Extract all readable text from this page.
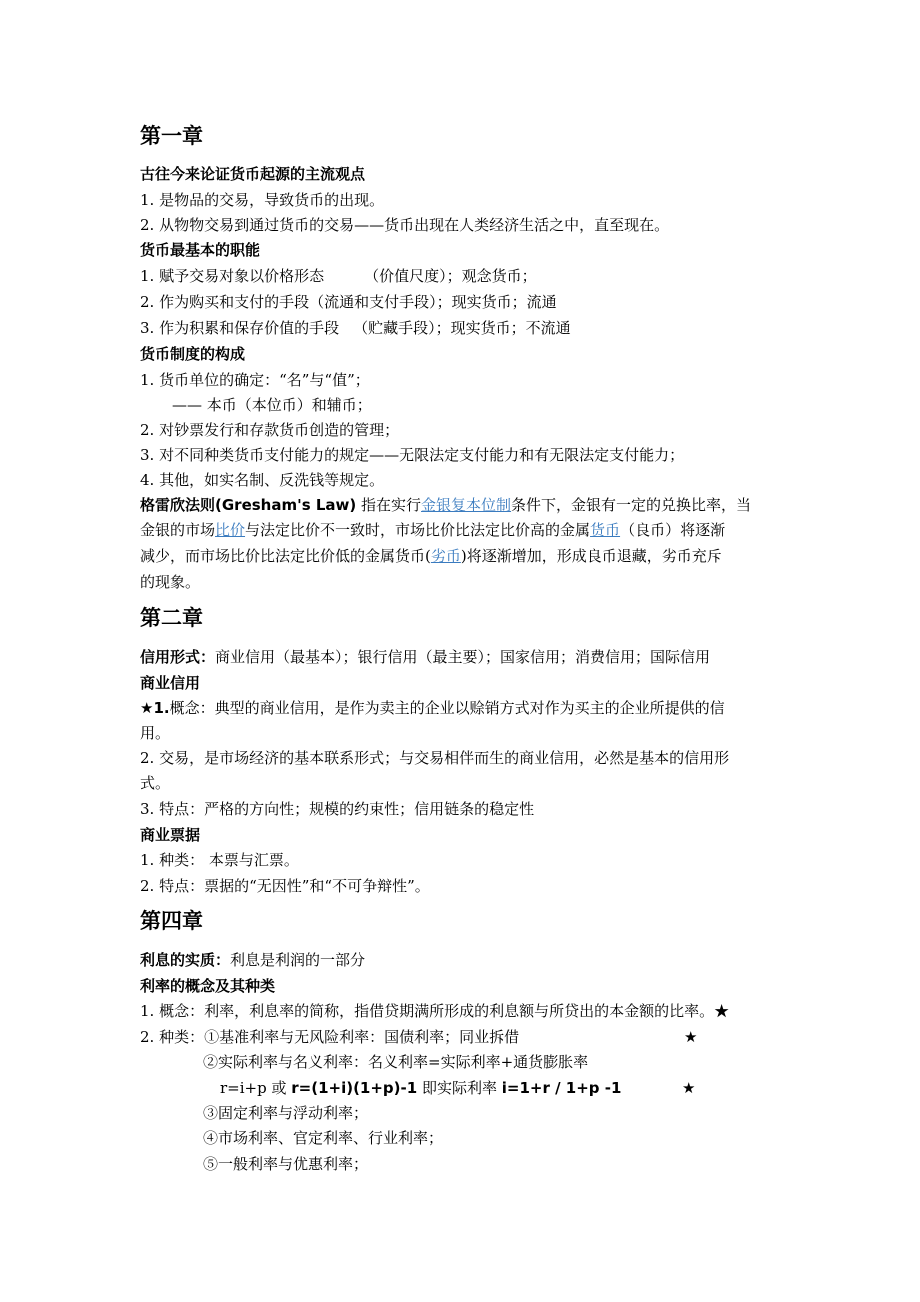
第一章
古往今来论证货币起源的主流观点
1. 是物品的交易，导致货币的出现。
2. 从物物交易到通过货币的交易——货币出现在人类经济生活之中，直至现在。
货币最基本的职能
1. 赋予交易对象以价格形态	（价值尺度）；观念货币；
2. 作为购买和支付的手段（流通和支付手段）；现实货币；流通
3. 作为积累和保存价值的手段 （贮藏手段）；现实货币；不流通
货币制度的构成
1. 货币单位的确定：“名”与“值”；
—— 本币（本位币）和辅币；
2. 对钞票发行和存款货币创造的管理；
3. 对不同种类货币支付能力的规定——无限法定支付能力和有无限法定支付能力；
4. 其他，如实名制、反洗钱等规定。
格雷欣法则(Gresham's Law) 指在实行金银复本位制条件下，金银有一定的兑换比率，当
金银的市场比价与法定比价不一致时，市场比价比法定比价高的金属货币（良币）将逐渐
减少，而市场比价比法定比价低的金属货币(劣币)将逐渐增加，形成良币退藏，劣币充斥
的现象。
第二章
信用形式：商业信用（最基本）；银行信用（最主要）；国家信用；消费信用；国际信用
商业信用
★1.概念：典型的商业信用，是作为卖主的企业以赊销方式对作为买主的企业所提供的信
用。
2. 交易，是市场经济的基本联系形式；与交易相伴而生的商业信用，必然是基本的信用形
式。
3. 特点：严格的方向性；规模的约束性；信用链条的稳定性
商业票据
1. 种类： 本票与汇票。
2. 特点：票据的“无因性”和“不可争辩性”。
第四章
利息的实质：利息是利润的一部分
利率的概念及其种类
1. 概念：利率，利息率的简称，指借贷期满所形成的利息额与所贷出的本金额的比率。★
2. 种类：①基准利率与无风险利率：国债利率；同业拆借	★
②实际利率与名义利率：名义利率=实际利率+通货膨胀率
r=i+p 或 r=(1+i)(1+p)-1 即实际利率 i=1+r / 1+p -1	★
③固定利率与浮动利率；
④市场利率、官定利率、行业利率；
⑤一般利率与优惠利率；
